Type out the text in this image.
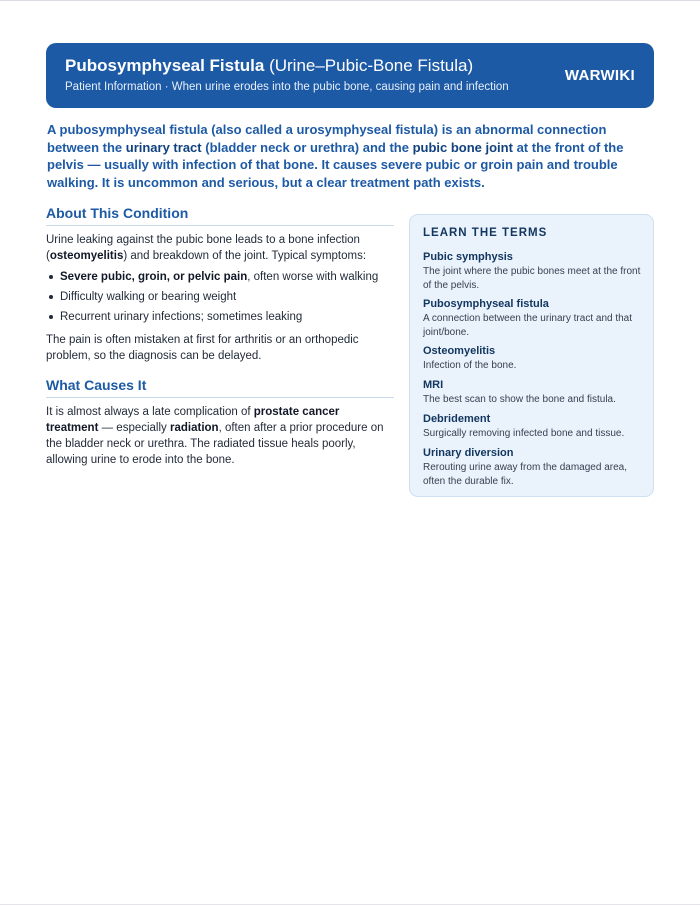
Pubosymphyseal Fistula (Urine–Pubic-Bone Fistula)
Patient Information · When urine erodes into the pubic bone, causing pain and infection
WARWIKI
A pubosymphyseal fistula (also called a urosymphyseal fistula) is an abnormal connection between the urinary tract (bladder neck or urethra) and the pubic bone joint at the front of the pelvis — usually with infection of that bone. It causes severe pubic or groin pain and trouble walking. It is uncommon and serious, but a clear treatment path exists.
About This Condition
Urine leaking against the pubic bone leads to a bone infection (osteomyelitis) and breakdown of the joint. Typical symptoms:
Severe pubic, groin, or pelvic pain, often worse with walking
Difficulty walking or bearing weight
Recurrent urinary infections; sometimes leaking
The pain is often mistaken at first for arthritis or an orthopedic problem, so the diagnosis can be delayed.
What Causes It
It is almost always a late complication of prostate cancer treatment — especially radiation, often after a prior procedure on the bladder neck or urethra. The radiated tissue heals poorly, allowing urine to erode into the bone.
LEARN THE TERMS
Pubic symphysis
The joint where the pubic bones meet at the front of the pelvis.
Pubosymphyseal fistula
A connection between the urinary tract and that joint/bone.
Osteomyelitis
Infection of the bone.
MRI
The best scan to show the bone and fistula.
Debridement
Surgically removing infected bone and tissue.
Urinary diversion
Rerouting urine away from the damaged area, often the durable fix.
